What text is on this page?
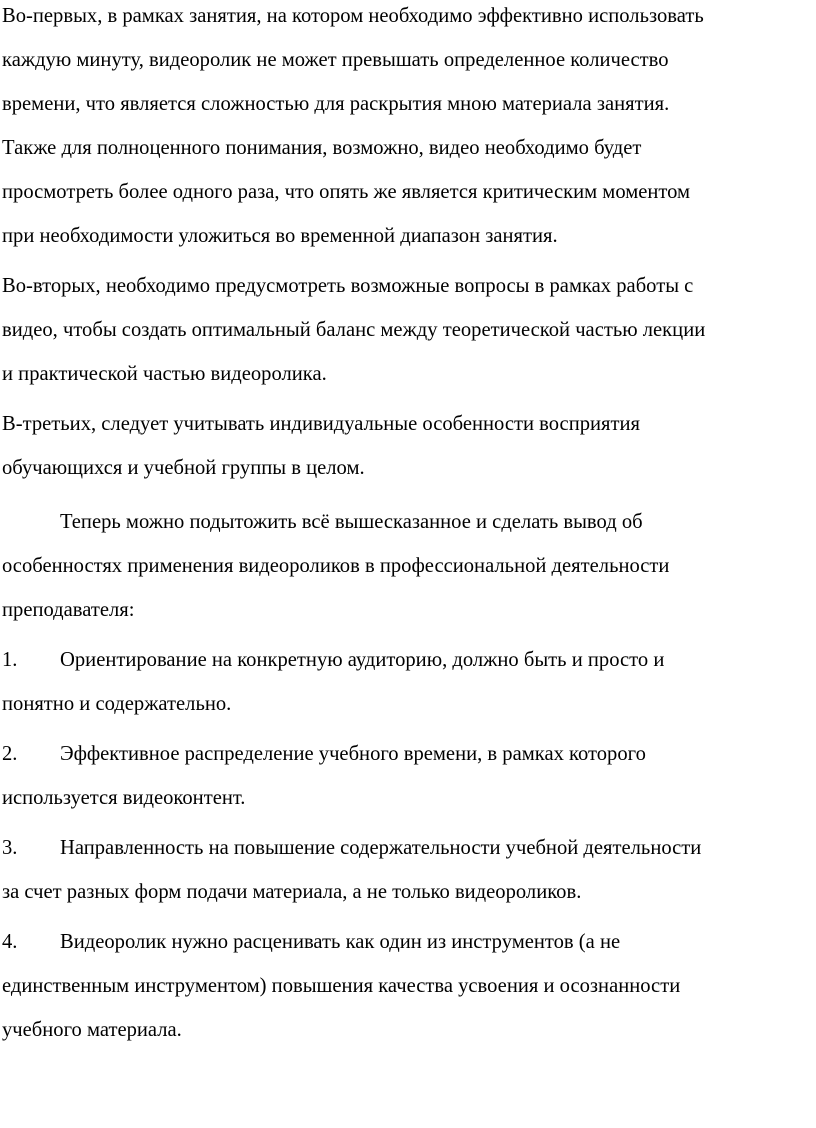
Во-первых, в рамках занятия, на котором необходимо эффективно использовать
каждую минуту, видеоролик не может превышать определенное количество
времени, что является сложностью для раскрытия мною материала занятия.
Также для полноценного понимания, возможно, видео необходимо будет
просмотреть более одного раза, что опять же является критическим моментом
при необходимости уложиться во временной диапазон занятия.
Во-вторых, необходимо предусмотреть возможные вопросы в рамках работы с
видео, чтобы создать оптимальный баланс между теоретической частью лекции
и практической частью видеоролика.
В-третьих, следует учитывать индивидуальные особенности восприятия
обучающихся и учебной группы в целом.
Теперь можно подытожить всё вышесказанное и сделать вывод об
особенностях применения видеороликов в профессиональной деятельности
преподавателя:
1. Ориентирование на конкретную аудиторию, должно быть и просто и
понятно и содержательно.
2. Эффективное распределение учебного времени, в рамках которого
используется видеоконтент.
3. Направленность на повышение содержательности учебной деятельности
за счет разных форм подачи материала, а не только видеороликов.
4. Видеоролик нужно расценивать как один из инструментов (а не
единственным инструментом) повышения качества усвоения и осознанности
учебного материала.
